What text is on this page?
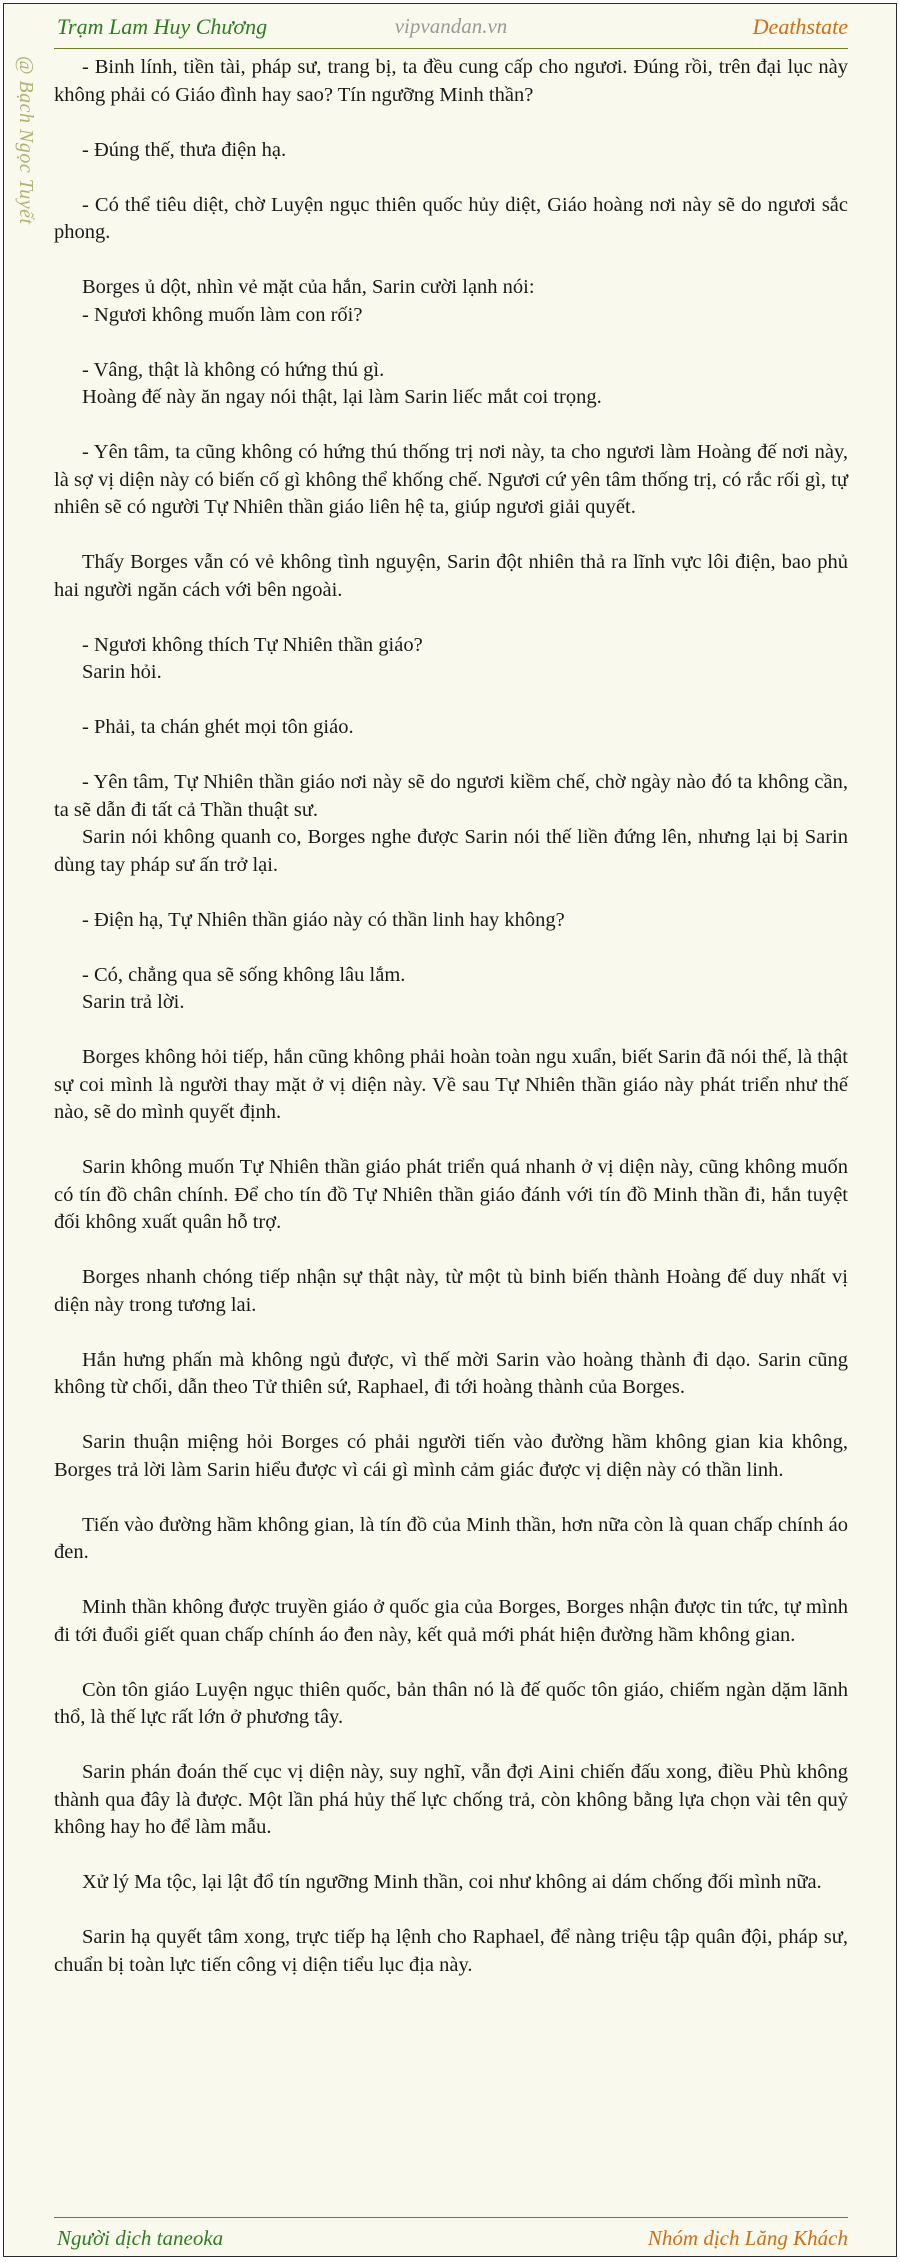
Trạm Lam Huy Chương	vipvandan.vn	Deathstate
@ Bạch Ngọc Tuyết	- Binh lính, tiền tài, pháp sư, trang bị, ta đều cung cấp cho ngươi. Đúng rồi, trên đại lục này không phải có Giáo đình hay sao? Tín ngưỡng Minh thần?

- Đúng thế, thưa điện hạ.

- Có thể tiêu diệt, chờ Luyện ngục thiên quốc hủy diệt, Giáo hoàng nơi này sẽ do ngươi sắc phong.

Borges ủ dột, nhìn vẻ mặt của hắn, Sarin cười lạnh nói:

- Ngươi không muốn làm con rối?

- Vâng, thật là không có hứng thú gì.

Hoàng đế này ăn ngay nói thật, lại làm Sarin liếc mắt coi trọng.

- Yên tâm, ta cũng không có hứng thú thống trị nơi này, ta cho ngươi làm Hoàng đế nơi này, là sợ vị diện này có biến cố gì không thể khống chế. Ngươi cứ yên tâm thống trị, có rắc rối gì, tự nhiên sẽ có người Tự Nhiên thần giáo liên hệ ta, giúp ngươi giải quyết.

Thấy Borges vẫn có vẻ không tình nguyện, Sarin đột nhiên thả ra lĩnh vực lôi điện, bao phủ hai người ngăn cách với bên ngoài.

- Ngươi không thích Tự Nhiên thần giáo?

Sarin hỏi.

- Phải, ta chán ghét mọi tôn giáo.

- Yên tâm, Tự Nhiên thần giáo nơi này sẽ do ngươi kiềm chế, chờ ngày nào đó ta không cần, ta sẽ dẫn đi tất cả Thần thuật sư.

Sarin nói không quanh co, Borges nghe được Sarin nói thế liền đứng lên, nhưng lại bị Sarin dùng tay pháp sư ấn trở lại.

- Điện hạ, Tự Nhiên thần giáo này có thần linh hay không?

- Có, chẳng qua sẽ sống không lâu lắm.

Sarin trả lời.

Borges không hỏi tiếp, hắn cũng không phải hoàn toàn ngu xuẩn, biết Sarin đã nói thế, là thật sự coi mình là người thay mặt ở vị diện này. Về sau Tự Nhiên thần giáo này phát triển như thế nào, sẽ do mình quyết định.

Sarin không muốn Tự Nhiên thần giáo phát triển quá nhanh ở vị diện này, cũng không muốn có tín đồ chân chính. Để cho tín đồ Tự Nhiên thần giáo đánh với tín đồ Minh thần đi, hắn tuyệt đối không xuất quân hỗ trợ.

Borges nhanh chóng tiếp nhận sự thật này, từ một tù binh biến thành Hoàng đế duy nhất vị diện này trong tương lai.

Hắn hưng phấn mà không ngủ được, vì thế mời Sarin vào hoàng thành đi dạo. Sarin cũng không từ chối, dẫn theo Tử thiên sứ, Raphael, đi tới hoàng thành của Borges.

Sarin thuận miệng hỏi Borges có phải người tiến vào đường hầm không gian kia không, Borges trả lời làm Sarin hiểu được vì cái gì mình cảm giác được vị diện này có thần linh.

Tiến vào đường hầm không gian, là tín đồ của Minh thần, hơn nữa còn là quan chấp chính áo đen.

Minh thần không được truyền giáo ở quốc gia của Borges, Borges nhận được tin tức, tự mình đi tới đuổi giết quan chấp chính áo đen này, kết quả mới phát hiện đường hầm không gian.

Còn tôn giáo Luyện ngục thiên quốc, bản thân nó là đế quốc tôn giáo, chiếm ngàn dặm lãnh thổ, là thế lực rất lớn ở phương tây.

Sarin phán đoán thế cục vị diện này, suy nghĩ, vẫn đợi Aini chiến đấu xong, điều Phù không thành qua đây là được. Một lần phá hủy thế lực chống trả, còn không bằng lựa chọn vài tên quỷ không hay ho để làm mẫu.

Xử lý Ma tộc, lại lật đổ tín ngưỡng Minh thần, coi như không ai dám chống đối mình nữa.

Sarin hạ quyết tâm xong, trực tiếp hạ lệnh cho Raphael, để nàng triệu tập quân đội, pháp sư, chuẩn bị toàn lực tiến công vị diện tiểu lục địa này.

Người dịch taneoka	Nhóm dịch Lăng Khách
